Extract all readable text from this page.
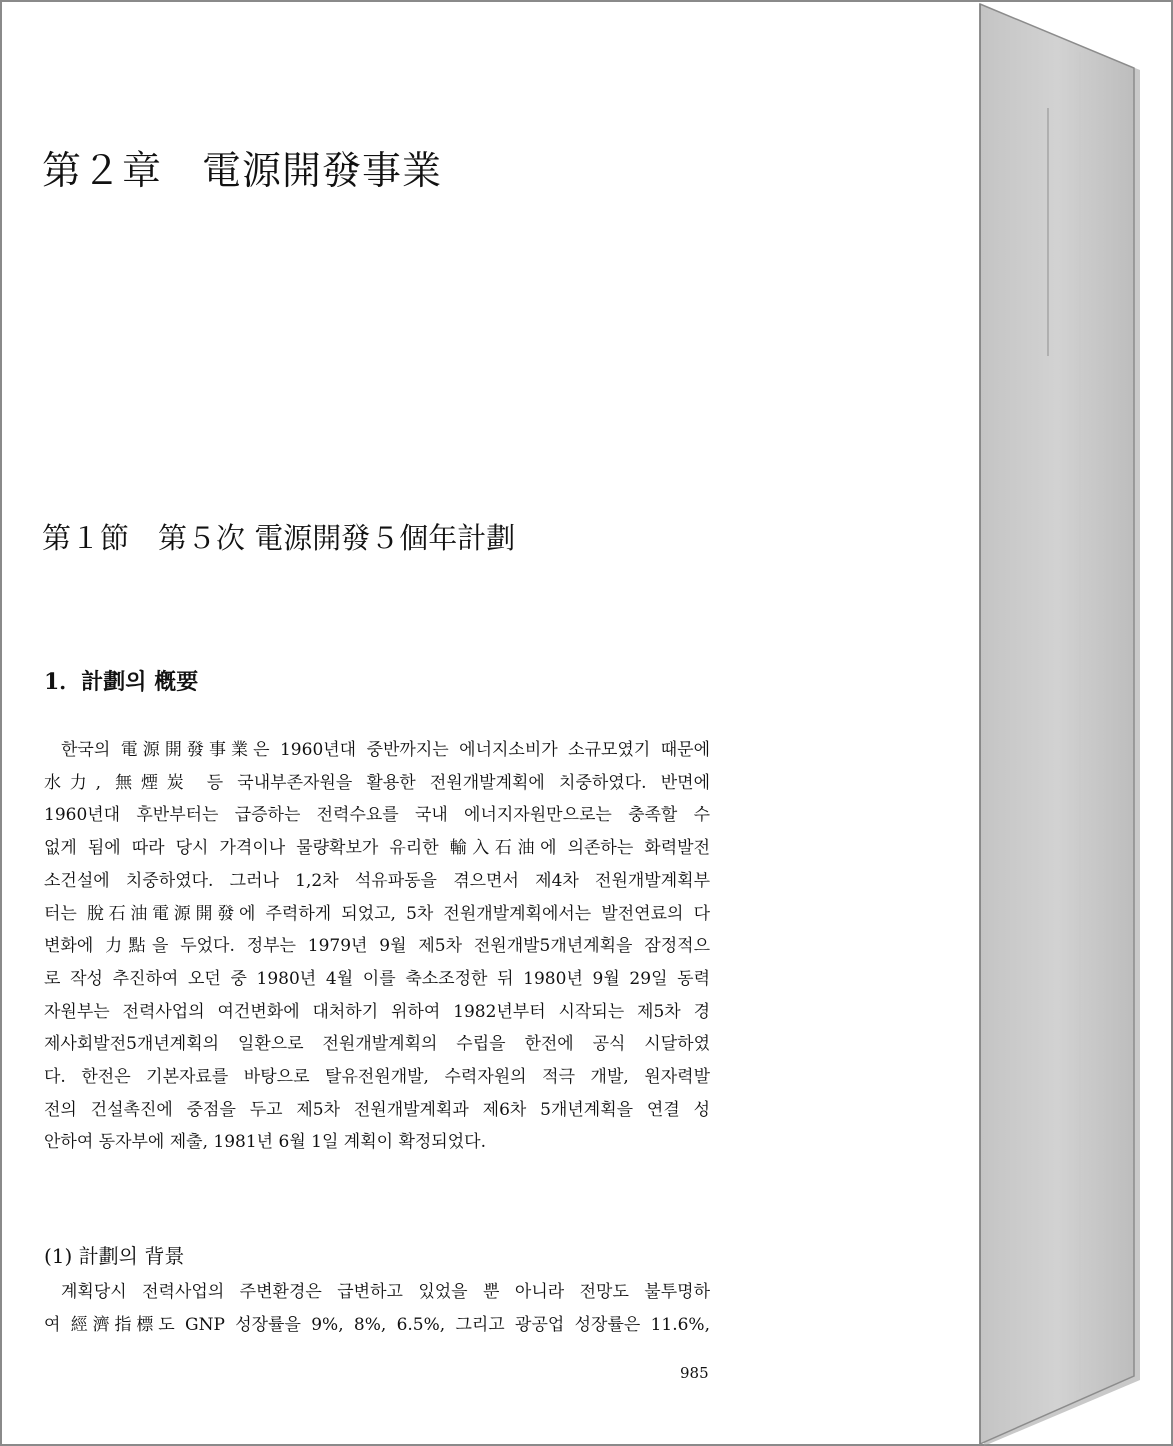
第２章　電源開發事業
第１節　第５次 電源開發５個年計劃
1．計劃의 槪要
한국의 電源開發事業은 1960년대 중반까지는 에너지소비가 소규모였기 때문에
水力, 無煙炭 등 국내부존자원을 활용한 전원개발계획에 치중하였다. 반면에
1960년대 후반부터는 급증하는 전력수요를 국내 에너지자원만으로는 충족할 수
없게 됨에 따라 당시 가격이나 물량확보가 유리한 輸入石油에 의존하는 화력발전
소건설에 치중하였다. 그러나 1,2차 석유파동을 겪으면서 제4차 전원개발계획부
터는 脫石油電源開發에 주력하게 되었고, 5차 전원개발계획에서는 발전연료의 다
변화에 力點을 두었다. 정부는 1979년 9월 제5차 전원개발5개년계획을 잠정적으
로 작성 추진하여 오던 중 1980년 4월 이를 축소조정한 뒤 1980년 9월 29일 동력
자원부는 전력사업의 여건변화에 대처하기 위하여 1982년부터 시작되는 제5차 경
제사회발전5개년계획의 일환으로 전원개발계획의 수립을 한전에 공식 시달하였
다. 한전은 기본자료를 바탕으로 탈유전원개발, 수력자원의 적극 개발, 원자력발
전의 건설촉진에 중점을 두고 제5차 전원개발계획과 제6차 5개년계획을 연결 성
안하여 동자부에 제출, 1981년 6월 1일 계획이 확정되었다.
(1) 計劃의 背景
계획당시 전력사업의 주변환경은 급변하고 있었을 뿐 아니라 전망도 불투명하
여 經濟指標도 GNP 성장률을 9%, 8%, 6.5%, 그리고 광공업 성장률은 11.6%,
985
